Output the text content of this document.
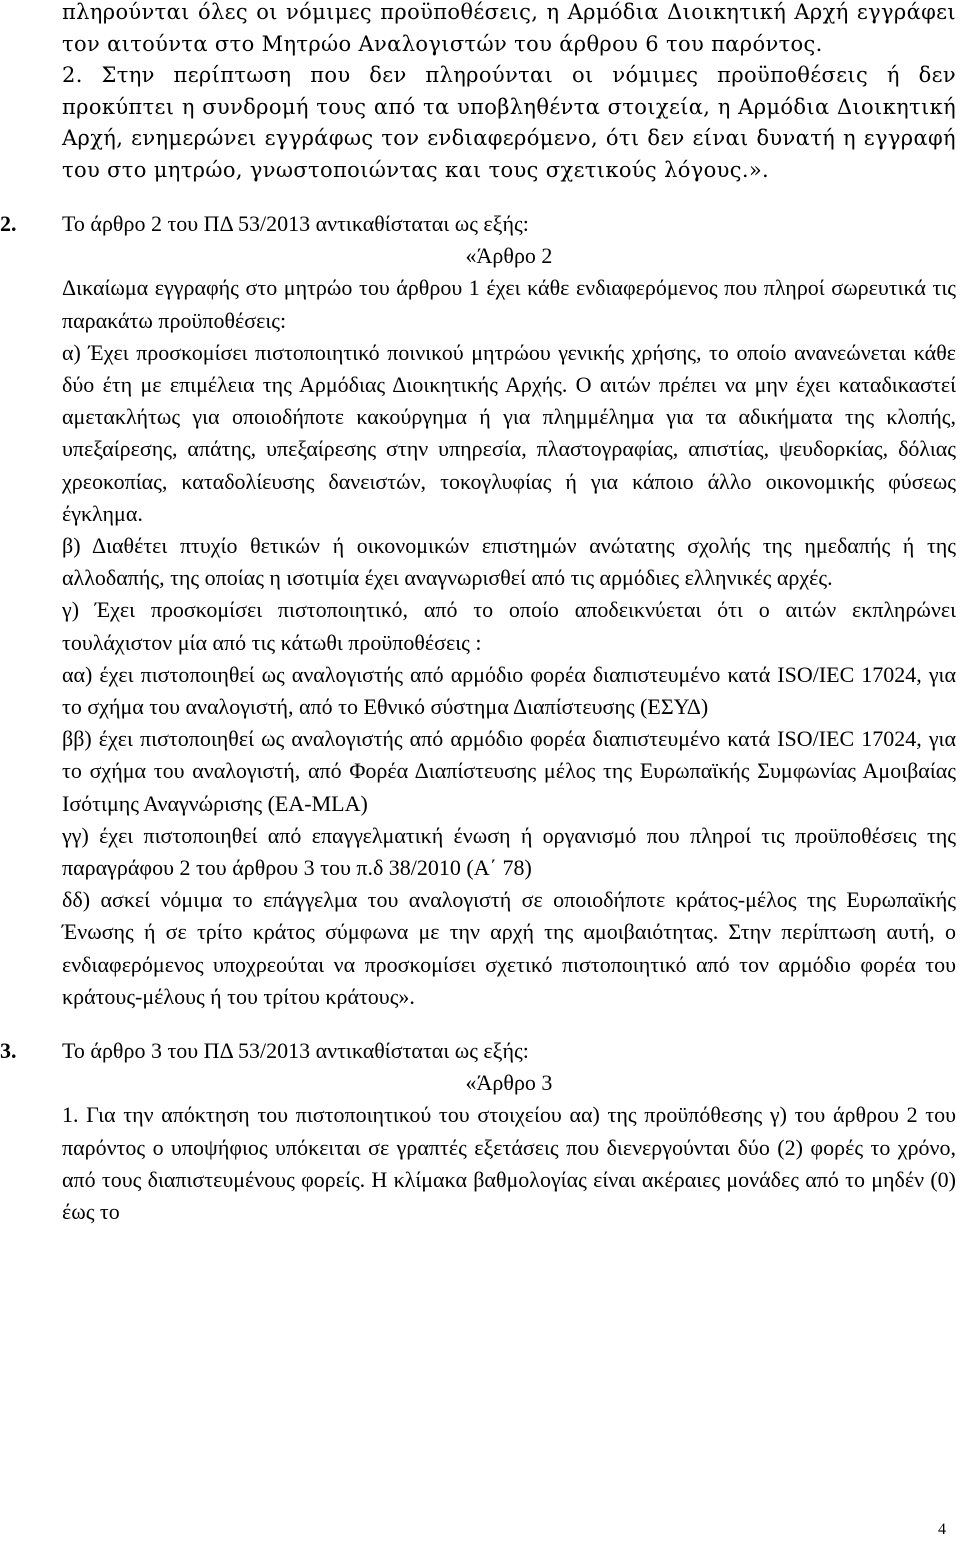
πληρούνται όλες οι νόμιμες προϋποθέσεις, η Αρμόδια Διοικητική Αρχή εγγράφει τον αιτούντα στο Μητρώο Αναλογιστών του άρθρου 6 του παρόντος.

2. Στην περίπτωση που δεν πληρούνται οι νόμιμες προϋποθέσεις ή δεν προκύπτει η συνδρομή τους από τα υποβληθέντα στοιχεία, η Αρμόδια Διοικητική Αρχή, ενημερώνει εγγράφως τον ενδιαφερόμενο, ότι δεν είναι δυνατή η εγγραφή του στο μητρώο, γνωστοποιώντας και τους σχετικούς λόγους.».

2. Το άρθρο 2 του ΠΔ 53/2013 αντικαθίσταται ως εξής:
«Άρθρο 2

Δικαίωμα εγγραφής στο μητρώο του άρθρου 1 έχει κάθε ενδιαφερόμενος που πληροί σωρευτικά τις παρακάτω προϋποθέσεις:

α) Έχει προσκομίσει πιστοποιητικό ποινικού μητρώου γενικής χρήσης, το οποίο ανανεώνεται κάθε δύο έτη με επιμέλεια της Αρμόδιας Διοικητικής Αρχής. Ο αιτών πρέπει να μην έχει καταδικαστεί αμετακλήτως για οποιοδήποτε κακούργημα ή για πλημμέλημα για τα αδικήματα της κλοπής, υπεξαίρεσης, απάτης, υπεξαίρεσης στην υπηρεσία, πλαστογραφίας, απιστίας, ψευδορκίας, δόλιας χρεοκοπίας, καταδολίευσης δανειστών, τοκογλυφίας ή για κάποιο άλλο οικονομικής φύσεως έγκλημα.

β) Διαθέτει πτυχίο θετικών ή οικονομικών επιστημών ανώτατης σχολής της ημεδαπής ή της αλλοδαπής, της οποίας η ισοτιμία έχει αναγνωρισθεί από τις αρμόδιες ελληνικές αρχές.

γ) Έχει προσκομίσει πιστοποιητικό, από το οποίο αποδεικνύεται ότι ο αιτών εκπληρώνει τουλάχιστον μία από τις κάτωθι προϋποθέσεις :

αα) έχει πιστοποιηθεί ως αναλογιστής από αρμόδιο φορέα διαπιστευμένο κατά ISO/IEC 17024, για το σχήμα του αναλογιστή, από το Εθνικό σύστημα Διαπίστευσης (ΕΣΥΔ)

ββ) έχει πιστοποιηθεί ως αναλογιστής από αρμόδιο φορέα διαπιστευμένο κατά ISO/IEC 17024, για το σχήμα του αναλογιστή, από Φορέα Διαπίστευσης μέλος της Ευρωπαϊκής Συμφωνίας Αμοιβαίας Ισότιμης Αναγνώρισης (EA-MLA)

γγ) έχει πιστοποιηθεί από επαγγελματική ένωση ή οργανισμό που πληροί τις προϋποθέσεις της παραγράφου 2 του άρθρου 3 του π.δ 38/2010 (Α΄ 78)

δδ) ασκεί νόμιμα το επάγγελμα του αναλογιστή σε οποιοδήποτε κράτος-μέλος της Ευρωπαϊκής Ένωσης ή σε τρίτο κράτος σύμφωνα με την αρχή της αμοιβαιότητας. Στην περίπτωση αυτή, ο ενδιαφερόμενος υποχρεούται να προσκομίσει σχετικό πιστοποιητικό από τον αρμόδιο φορέα του κράτους-μέλους ή του τρίτου κράτους».

3. Το άρθρο 3 του ΠΔ 53/2013 αντικαθίσταται ως εξής:
«Άρθρο 3

1. Για την απόκτηση του πιστοποιητικού του στοιχείου αα) της προϋπόθεσης γ) του άρθρου 2 του παρόντος ο υποψήφιος υπόκειται σε γραπτές εξετάσεις που διενεργούνται δύο (2) φορές το χρόνο, από τους διαπιστευμένους φορείς. Η κλίμακα βαθμολογίας είναι ακέραιες μονάδες από το μηδέν (0) έως το

4
